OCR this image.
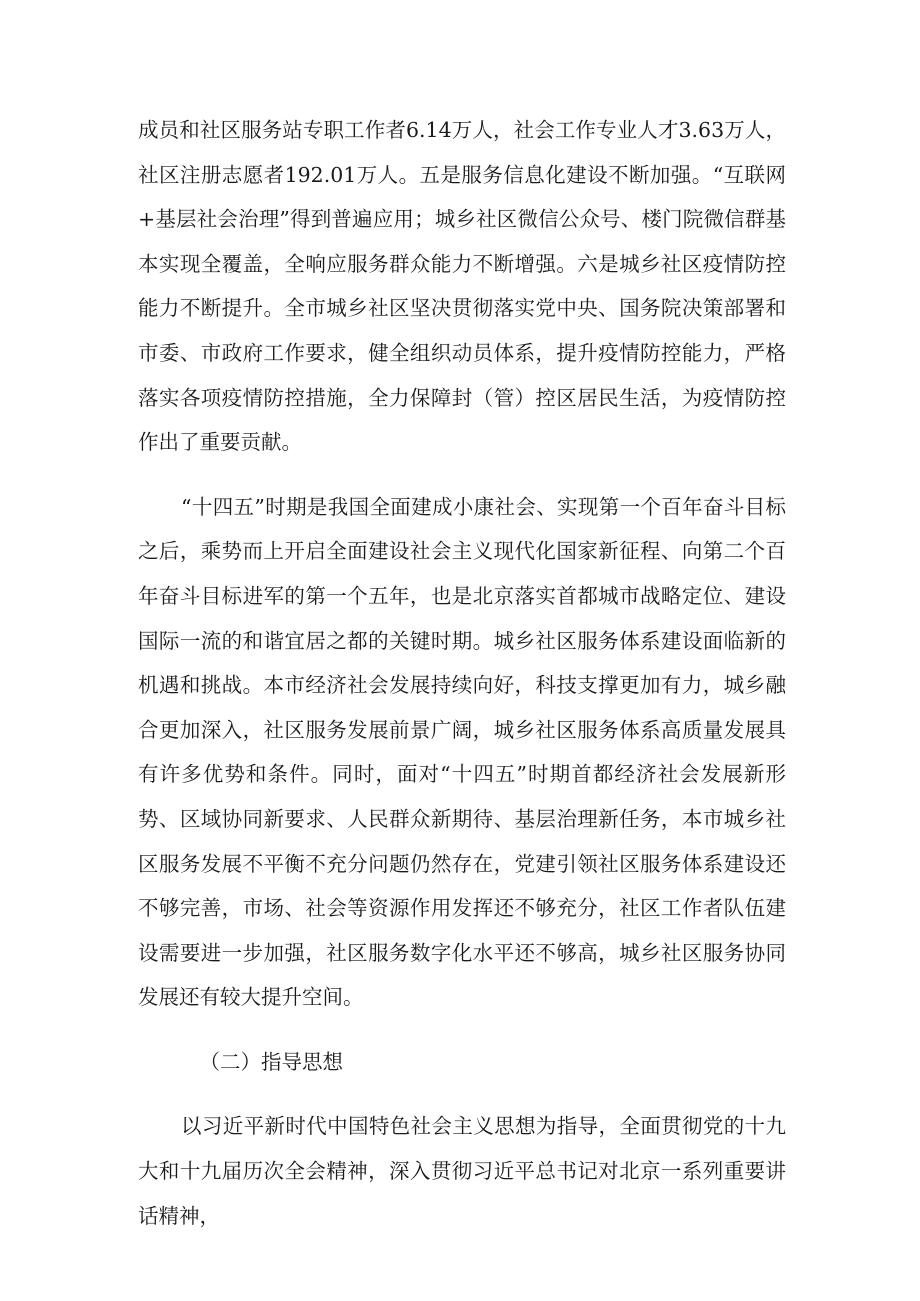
成员和社区服务站专职工作者6.14万人，社会工作专业人才3.63万人，社区注册志愿者192.01万人。五是服务信息化建设不断加强。“互联网+基层社会治理”得到普遍应用；城乡社区微信公众号、楼门院微信群基本实现全覆盖，全响应服务群众能力不断增强。六是城乡社区疫情防控能力不断提升。全市城乡社区坚决贯彻落实党中央、国务院决策部署和市委、市政府工作要求，健全组织动员体系，提升疫情防控能力，严格落实各项疫情防控措施，全力保障封（管）控区居民生活，为疫情防控作出了重要贡献。

“十四五”时期是我国全面建成小康社会、实现第一个百年奋斗目标之后，乘势而上开启全面建设社会主义现代化国家新征程、向第二个百年奋斗目标进军的第一个五年，也是北京落实首都城市战略定位、建设国际一流的和谐宜居之都的关键时期。城乡社区服务体系建设面临新的机遇和挑战。本市经济社会发展持续向好，科技支撑更加有力，城乡融合更加深入，社区服务发展前景广阔，城乡社区服务体系高质量发展具有许多优势和条件。同时，面对“十四五”时期首都经济社会发展新形势、区域协同新要求、人民群众新期待、基层治理新任务，本市城乡社区服务发展不平衡不充分问题仍然存在，党建引领社区服务体系建设还不够完善，市场、社会等资源作用发挥还不够充分，社区工作者队伍建设需要进一步加强，社区服务数字化水平还不够高，城乡社区服务协同发展还有较大提升空间。

（二）指导思想

以习近平新时代中国特色社会主义思想为指导，全面贯彻党的十九大和十九届历次全会精神，深入贯彻习近平总书记对北京一系列重要讲话精神，
